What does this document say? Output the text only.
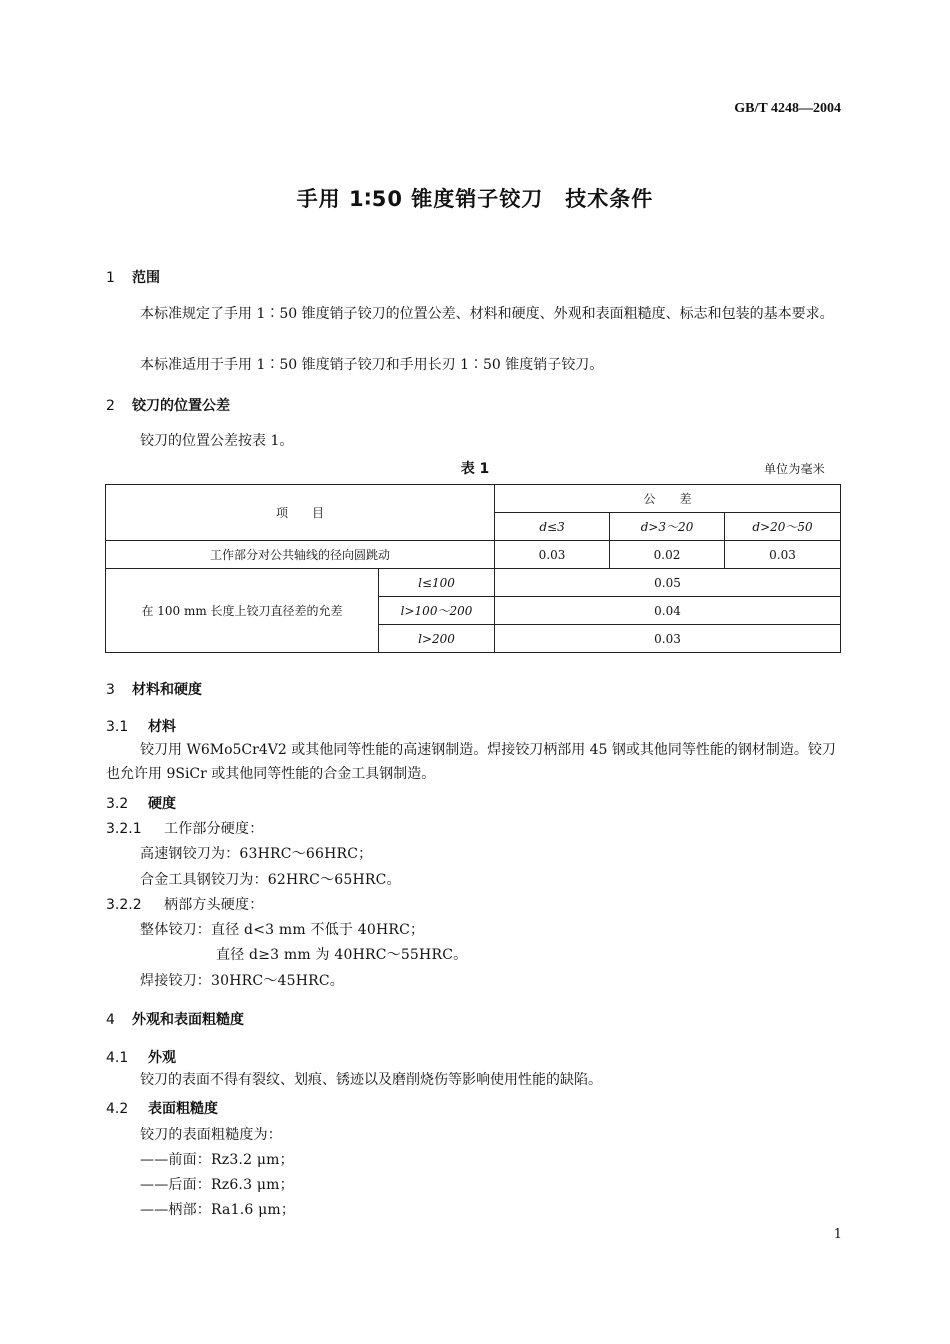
GB/T 4248—2004
手用 1∶50 锥度销子铰刀　技术条件
1 范围
本标准规定了手用 1∶50 锥度销子铰刀的位置公差、材料和硬度、外观和表面粗糙度、标志和包装的基本要求。
本标准适用于手用 1∶50 锥度销子铰刀和手用长刃 1∶50 锥度销子铰刀。
2 铰刀的位置公差
铰刀的位置公差按表 1。
表 1	单位为毫米
项　　目		公　　差		
		d≤3	d>3～20	d>20～50
工作部分对公共轴线的径向圆跳动		0.03	0.02	0.03
在 100 mm 长度上铰刀直径差的允差	l≤100	0.05		
	l>100～200	0.04		
	l>200	0.03		
3 材料和硬度
3.1 材料
铰刀用 W6Mo5Cr4V2 或其他同等性能的高速钢制造。焊接铰刀柄部用 45 钢或其他同等性能的钢材制造。铰刀也允许用 9SiCr 或其他同等性能的合金工具钢制造。
3.2 硬度
3.2.1 工作部分硬度：
高速钢铰刀为：63HRC～66HRC；
合金工具钢铰刀为：62HRC～65HRC。
3.2.2 柄部方头硬度：
整体铰刀：直径 d<3 mm 不低于 40HRC；
直径 d≥3 mm 为 40HRC～55HRC。
焊接铰刀：30HRC～45HRC。
4 外观和表面粗糙度
4.1 外观
铰刀的表面不得有裂纹、划痕、锈迹以及磨削烧伤等影响使用性能的缺陷。
4.2 表面粗糙度
铰刀的表面粗糙度为：
——前面：Rz3.2 μm；
——后面：Rz6.3 μm；
——柄部：Ra1.6 μm；
1
